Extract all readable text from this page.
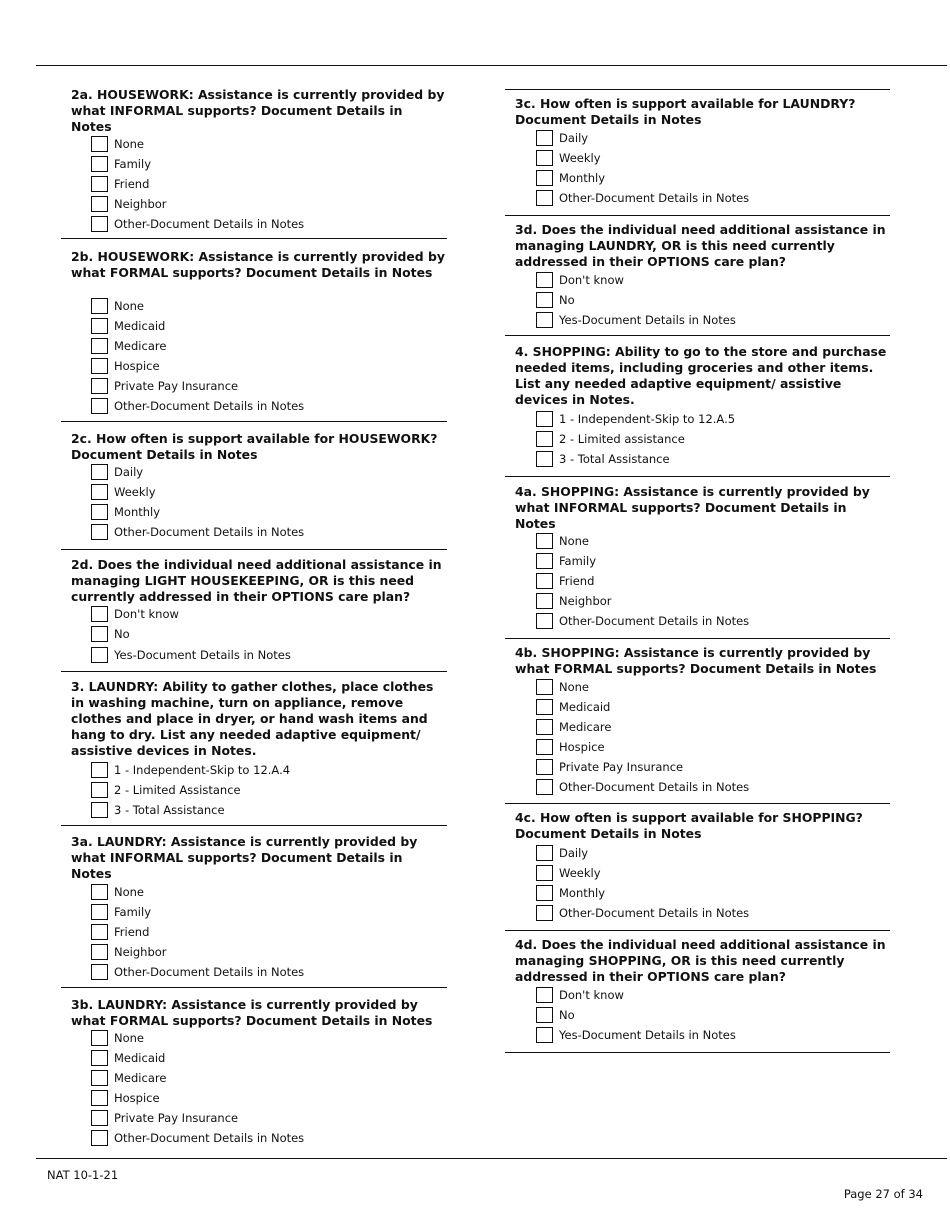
2a. HOUSEWORK: Assistance is currently provided by what INFORMAL supports? Document Details in Notes

None
Family
Friend
Neighbor
Other-Document Details in Notes

2b. HOUSEWORK: Assistance is currently provided by what FORMAL supports? Document Details in Notes

None
Medicaid
Medicare
Hospice
Private Pay Insurance
Other-Document Details in Notes

2c. How often is support available for HOUSEWORK? Document Details in Notes

Daily
Weekly
Monthly
Other-Document Details in Notes

2d. Does the individual need additional assistance in managing LIGHT HOUSEKEEPING, OR is this need currently addressed in their OPTIONS care plan?

Don't know
No
Yes-Document Details in Notes

3. LAUNDRY: Ability to gather clothes, place clothes in washing machine, turn on appliance, remove clothes and place in dryer, or hand wash items and hang to dry. List any needed adaptive equipment/ assistive devices in Notes.

1 - Independent-Skip to 12.A.4
2 - Limited Assistance
3 - Total Assistance

3a. LAUNDRY: Assistance is currently provided by what INFORMAL supports? Document Details in Notes

None
Family
Friend
Neighbor
Other-Document Details in Notes

3b. LAUNDRY: Assistance is currently provided by what FORMAL supports? Document Details in Notes

None
Medicaid
Medicare
Hospice
Private Pay Insurance
Other-Document Details in Notes

3c. How often is support available for LAUNDRY? Document Details in Notes

Daily
Weekly
Monthly
Other-Document Details in Notes

3d. Does the individual need additional assistance in managing LAUNDRY, OR is this need currently addressed in their OPTIONS care plan?

Don't know
No
Yes-Document Details in Notes

4. SHOPPING: Ability to go to the store and purchase needed items, including groceries and other items. List any needed adaptive equipment/ assistive devices in Notes.

1 - Independent-Skip to 12.A.5
2 - Limited assistance
3 - Total Assistance

4a. SHOPPING: Assistance is currently provided by what INFORMAL supports? Document Details in Notes

None
Family
Friend
Neighbor
Other-Document Details in Notes

4b. SHOPPING: Assistance is currently provided by what FORMAL supports? Document Details in Notes

None
Medicaid
Medicare
Hospice
Private Pay Insurance
Other-Document Details in Notes

4c. How often is support available for SHOPPING? Document Details in Notes

Daily
Weekly
Monthly
Other-Document Details in Notes

4d. Does the individual need additional assistance in managing SHOPPING, OR is this need currently addressed in their OPTIONS care plan?

Don't know
No
Yes-Document Details in Notes
NAT 10-1-21
Page 27 of 34
